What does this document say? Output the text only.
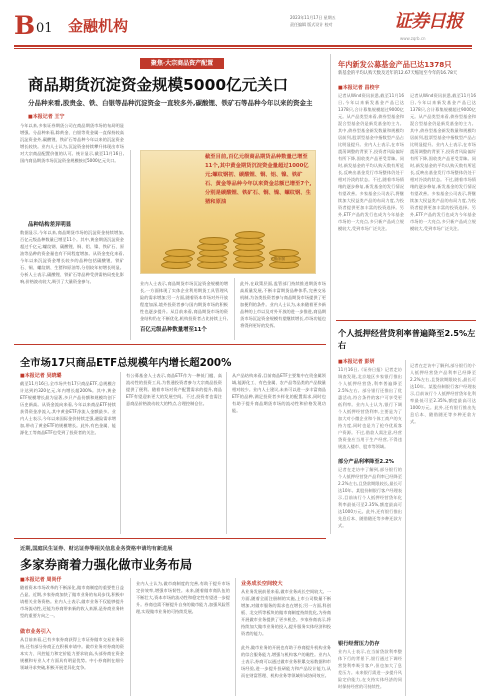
B 01 金融机构	2023年11月17日 星期五
责任编辑 版式设计 校对	证券日报
www.zqrb.cn
聚焦·大宗商品资产配置
商品期货沉淀资金规模5000亿元关口
分品种来看,股贵金、铁、白银等品种沉淀资金一直较多外,碳酸锂、铁矿石等品种今年以来的资金主
■本报记者 王宁
今年以来,多家证券期货公司在商品期货市场的布局明显增强。分品种来看,除黄金、白银等贵金属一直保持较高沉淀资金外,碳酸锂、铁矿石等品种今年以来的沉淀资金增长较快。业内人士认为,沉淀资金持续攀升体现出市场对大宗商品配置价值的认可。统计显示,截至11月16日,国内商品期货市场沉淀资金规模接近5000亿元关口。
品种结构差异明显
数据显示,今年以来,商品期货市场的沉淀资金持续增加,百亿元级品种数量已增至11个。其中,黄金期货沉淀资金超过千亿元;螺纹钢、碳酸锂、铜、铝、镍、铁矿石、原油等品种的资金量也有不同程度增加。从资金变化来看,今年以来沉淀资金增长较多的品种包括碳酸锂、铁矿石、铜、螺纹钢、生猪和原油等,分别较年初增长明显。分析人士表示,碳酸锂、铁矿石等品种受供需格局变化影响,价格波动较大,吸引了大量资金参与。
截至目前,百亿元级商品期货品种数量已增至11个,其中黄金期货沉淀资金量超过1000亿元;螺纹钢初、碳酸锂、铜、铝、镍、铁矿石、黄金等品种今年以来资金总额已增至7个,分别是碳酸锂、铁矿石、铜、镍、螺纹钢、生猪和原油
王琳/制图
业内人士表示,商品期货市场沉淀资金规模的增长,一方面体现了实体企业利用期货工具管理风险的需求增加;另一方面,随着资本市场对外开放程度加深,境外投资者参与国内期货市场的积极性也逐步提升。从目前来看,商品期货市场的资金结构仍在不断优化,机构投资者占比持续上升,
百亿元级品种数量增至11个
此外,在政策层面,监管部门持续推进期货市场高质量发展,不断丰富期货品种体系,完善交易机制,为各类投资者参与商品期货市场提供了更加便利的条件。业内人士认为,未来随着更多新品种的上市以及对外开放的进一步推进,商品期货市场沉淀资金规模有望继续增长,市场功能也将得到更好的发挥。
年内新发公募基金产品已达1378只
新基金的平均认购天数及近年的12.67天缩短至今年的16.78天
■本报记者 昌校宇
记者从Wind资讯获悉,截至11月16日,今年以来新发基金产品已达1378只,合计募集规模超过9000亿元。从产品类型来看,债券型基金和混合型基金仍是新发基金的主力。其中,债券型基金新发数量和规模均居前列,股票型基金中指数型产品占比明显提升。业内人士表示,在市场震荡调整的背景下,投资者风险偏好有所下降,固收类产品更受青睐。同时,新发基金的平均认购天数有所延长,反映出基金发行市场整体仍处于相对冷淡的状态。不过,随着市场情绪的逐步修复,新发基金的发行情况有望改善。多家基金公司表示,将继续加大权益类产品的布局力度,为投资者提供更加丰富的投资选择。另外,ETF产品的发行也成为今年基金市场的一大亮点,多只新产品成立规模较大,受到市场广泛关注。
记者从Wind资讯获悉,截至11月16日,今年以来新发基金产品已达1378只,合计募集规模超过9000亿元。从产品类型来看,债券型基金和混合型基金仍是新发基金的主力。其中,债券型基金新发数量和规模均居前列,股票型基金中指数型产品占比明显提升。业内人士表示,在市场震荡调整的背景下,投资者风险偏好有所下降,固收类产品更受青睐。同时,新发基金的平均认购天数有所延长,反映出基金发行市场整体仍处于相对冷淡的状态。不过,随着市场情绪的逐步修复,新发基金的发行情况有望改善。多家基金公司表示,将继续加大权益类产品的布局力度,为投资者提供更加丰富的投资选择。另外,ETF产品的发行也成为今年基金市场的一大亮点,多只新产品成立规模较大,受到市场广泛关注。
个人抵押经营贷利率普遍降至2.5%左右
■本报记者 彭妍
11月16日,《证券日报》记者走访调查发现,北京地区多家银行推出个人抵押经营贷,利率普遍降至2.5%左右。部分银行还推出了优惠活动,符合条件的客户可享受更低利率。业内人士认为,银行下调个人抵押经营贷利率,主要是为了加大对小微企业和个体工商户的支持力度,同时也是为了抢夺优质客户资源。不过,借款人需注意,经营贷资金应当用于生产经营,不得违规流入楼市、股市等领域。
部分产品利率降至2.2%
记者在走访中了解到,部分银行的个人抵押经营贷产品利率已经降至2.2%左右,且贷款期限较长,最长可达10年。某股份制银行客户经理表示,目前该行个人抵押经营贷年化利率最低可至2.35%,额度最高可达1000万元。此外,还有银行推出先息后本、随借随还等多种还款方式。
银行经营压力仍存
业内人士表示,在当前贷款利率整体下行的背景下,银行通过下调经营贷利率吸引客户,但也加大了息差压力。未来银行需进一步提升风险定价能力,在支持实体经济的同时保持经营的可持续性。
记者在走访中了解到,部分银行的个人抵押经营贷产品利率已经降至2.2%左右,且贷款期限较长,最长可达10年。某股份制银行客户经理表示,目前该行个人抵押经营贷年化利率最低可至2.35%,额度最高可达1000万元。此外,还有银行推出先息后本、随借随还等多种还款方式。
全市场17只商品ETF总规模年内增长超200%
■本报记者 吴晓璐
截至11月16日,全市场共有17只商品ETF,总规模合计达到约320亿元,年内增长超200%。其中,黄金ETF规模增长最为显著,多只产品份额和规模均创下历史新高。从资金流向来看,今年以来商品ETF持续获得资金净流入,其中黄金ETF净流入金额最多。业内人士表示,今年以来国际金价持续走强,避险需求增加,带动了黄金ETF的规模增长。此外,有色金属、能源化工等商品ETF也受到了投资者的关注。
有公募基金人士表示,商品ETF作为一种低门槛、高流动性的投资工具,为普通投资者参与大宗商品投资提供了便利。随着市场对资产配置需求的提升,商品ETF有望迎来更大的发展空间。不过,投资者也需注意商品价格波动较大的特点,合理控制仓位。
从产品结构来看,目前商品ETF主要集中在贵金属领域,能源化工、有色金属、农产品等品类的产品数量相对较少。业内人士建议,未来可以进一步丰富商品ETF的品种,满足投资者多样化的配置需求,同时也有助于提升商品期货市场的流动性和价格发现功能。
近期,国庭民生证券、财达证券等相关信息业务资格申请均有新进展
多家券商着力强化做市业务布局
■本报记者 周尚伃
随着资本市场改革的不断深化,做市商制度的重要性日益凸显。近期,多家券商加快了做市业务的布局步伐,积极申请相关业务资格。业内人士表示,做市业务不仅能够提升市场流动性,还能为券商带来新的收入来源,是券商业务转型的重要方向之一。
做市业务引入
从目前来看,已有多家券商获得上市证券做市交易业务资格,还有部分券商正在积极申请中。做市业务对券商的资本实力、风控能力和定价能力要求较高,头部券商在资金规模和专业人才方面具有明显优势。中小券商则在细分领域寻求突破,积极开展差异化竞争。
业内人士认为,做市商制度的完善,有助于提升市场定价效率,增强市场韧性。未来,随着做市商队伍的不断壮大,资本市场的流动性和稳定性有望进一步提升。券商也需不断提升自身的做市能力,加强风险管理,实现做市业务的可持续发展。
业务成长空间较大
从业务发展前景来看,做市业务成长空间较大。一方面,随着全面注册制的实施,上市公司数量不断增加,对做市服务的需求也在增长;另一方面,科创板、北交所等板块的做市商制度持续优化,为券商开展做市业务提供了更多机会。多家券商表示,将持续加大做市业务的投入,提升服务实体经济和投资者的能力。
此外,做市业务的开展也有助于券商提升机构业务的综合服务能力,增强与机构客户的黏性。业内人士表示,券商可以通过做市业务积累交易数据和市场经验,进一步提升投研能力和产品设计能力,从而在财富管理、机构业务等领域形成协同效应。
